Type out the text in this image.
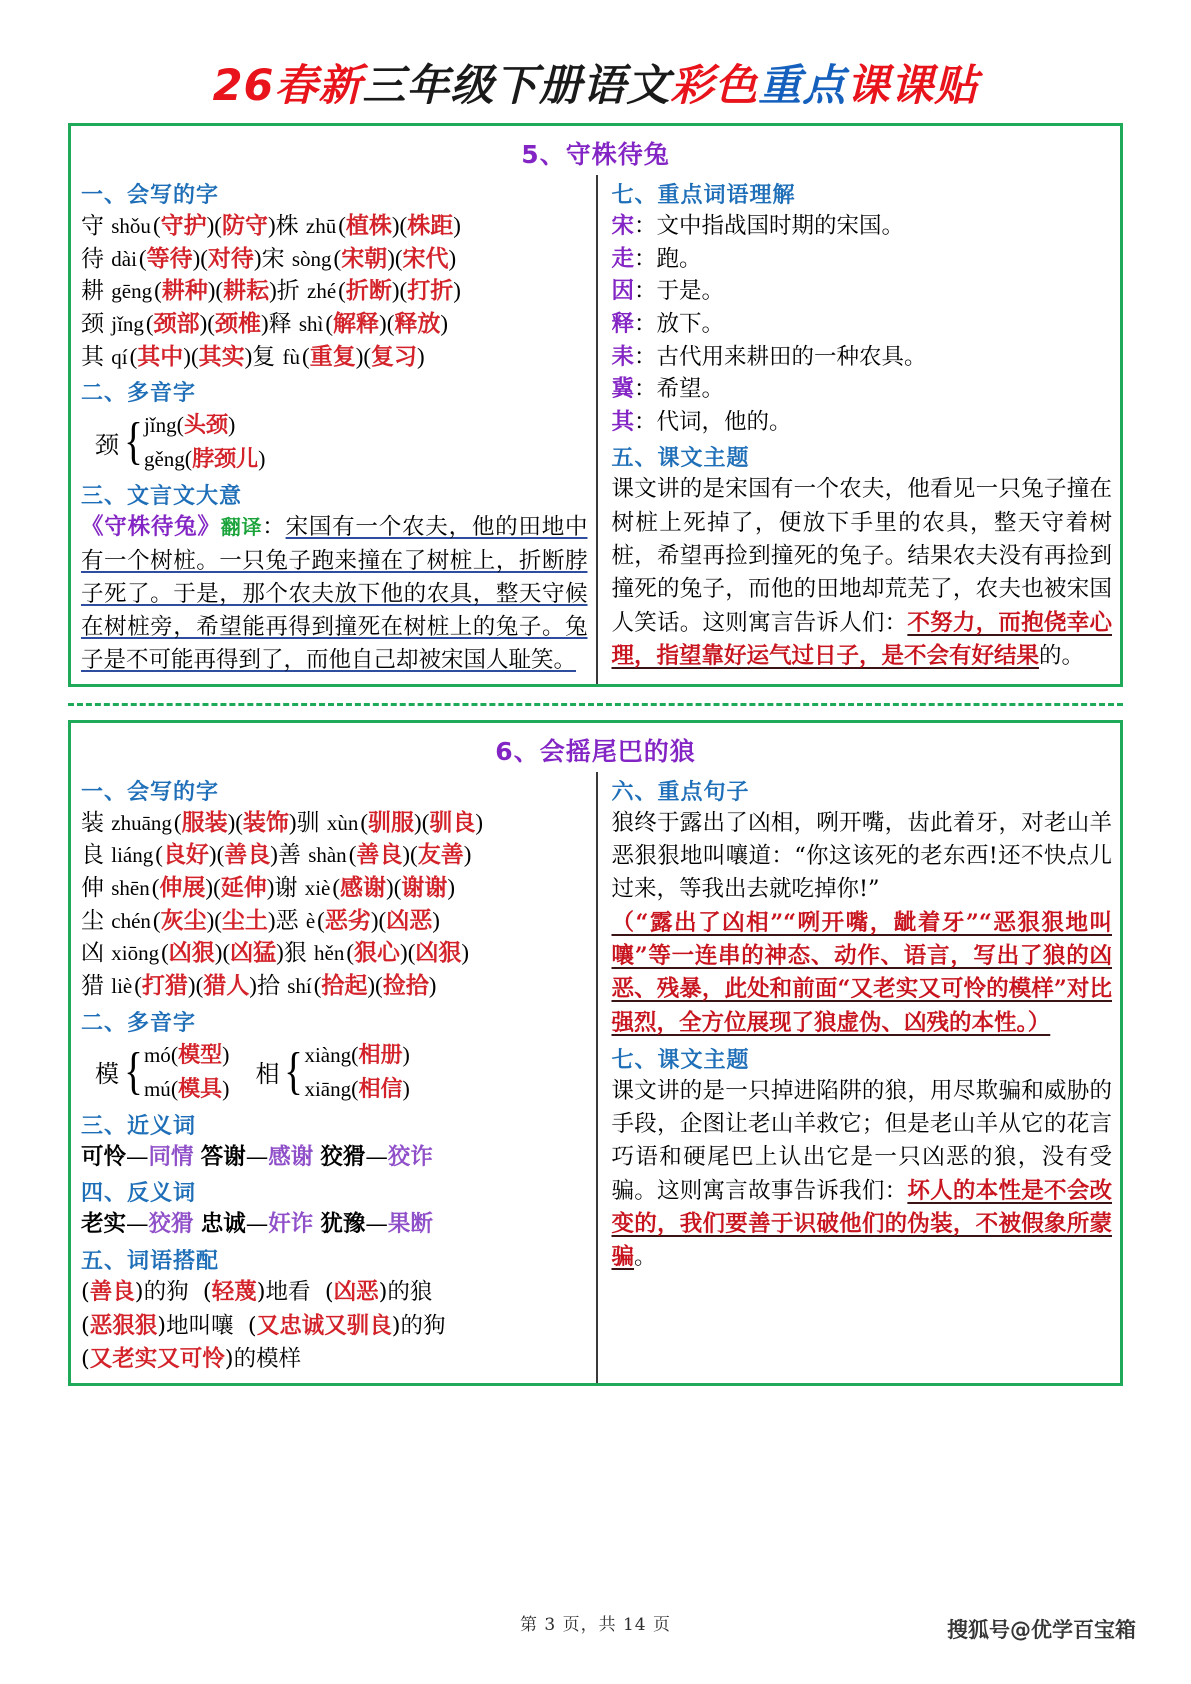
26春新三年级下册语文彩色重点课课贴
5、守株待兔
一、会写的字
守 shǒu(守护)(防守)株 zhū(植株)(株距)
待 dài(等待)(对待)宋 sòng(宋朝)(宋代)
耕 gēng(耕种)(耕耘)折 zhé(折断)(打折)
颈 jǐng(颈部)(颈椎)释 shì(解释)(释放)
其 qí(其中)(其实)复 fù(重复)(复习)
二、多音字
颈 { jǐng(头颈)
gěng(脖颈儿)
三、文言文大意
《守株待兔》翻译：宋国有一个农夫，他的田地中有一个树桩。一只兔子跑来撞在了树桩上，折断脖子死了。于是，那个农夫放下他的农具，整天守候在树桩旁，希望能再得到撞死在树桩上的兔子。兔子是不可能再得到了，而他自己却被宋国人耻笑。
七、重点词语理解
宋：文中指战国时期的宋国。
走：跑。
因：于是。
释：放下。
耒：古代用来耕田的一种农具。
冀：希望。
其：代词，他的。
五、课文主题
课文讲的是宋国有一个农夫，他看见一只兔子撞在树桩上死掉了，便放下手里的农具，整天守着树桩，希望再捡到撞死的兔子。结果农夫没有再捡到撞死的兔子，而他的田地却荒芜了，农夫也被宋国人笑话。这则寓言告诉人们：不努力，而抱侥幸心理，指望靠好运气过日子，是不会有好结果的。
6、会摇尾巴的狼
一、会写的字
装 zhuāng(服装)(装饰)驯 xùn(驯服)(驯良)
良 liáng(良好)(善良)善 shàn(善良)(友善)
伸 shēn(伸展)(延伸)谢 xiè(感谢)(谢谢)
尘 chén(灰尘)(尘土)恶 è(恶劣)(凶恶)
凶 xiōng(凶狠)(凶猛)狠 hěn(狠心)(凶狠)
猎 liè(打猎)(猎人)拾 shí(拾起)(捡拾)
二、多音字
模 { mó(模型)
mú(模具) 相 { xiàng(相册)
xiāng(相信)
三、近义词
可怜—同情 答谢—感谢 狡猾—狡诈
四、反义词
老实—狡猾 忠诚—奸诈 犹豫—果断
五、词语搭配
(善良)的狗 (轻蔑)地看 (凶恶)的狼
(恶狠狠)地叫嚷 (又忠诚又驯良)的狗
(又老实又可怜)的模样
六、重点句子
狼终于露出了凶相，咧开嘴，齿此着牙，对老山羊恶狠狠地叫嚷道：“你这该死的老东西!还不快点儿过来，等我出去就吃掉你!”
（“露出了凶相”“咧开嘴，龇着牙”“恶狠狠地叫嚷”等一连串的神态、动作、语言，写出了狼的凶恶、残暴，此处和前面“又老实又可怜的模样”对比强烈，全方位展现了狼虚伪、凶残的本性。）
七、课文主题
课文讲的是一只掉进陷阱的狼，用尽欺骗和威胁的手段，企图让老山羊救它；但是老山羊从它的花言巧语和硬尾巴上认出它是一只凶恶的狼，没有受骗。这则寓言故事告诉我们：坏人的本性是不会改变的，我们要善于识破他们的伪装，不被假象所蒙骗。
第 3 页，共 14 页	搜狐号@优学百宝箱
